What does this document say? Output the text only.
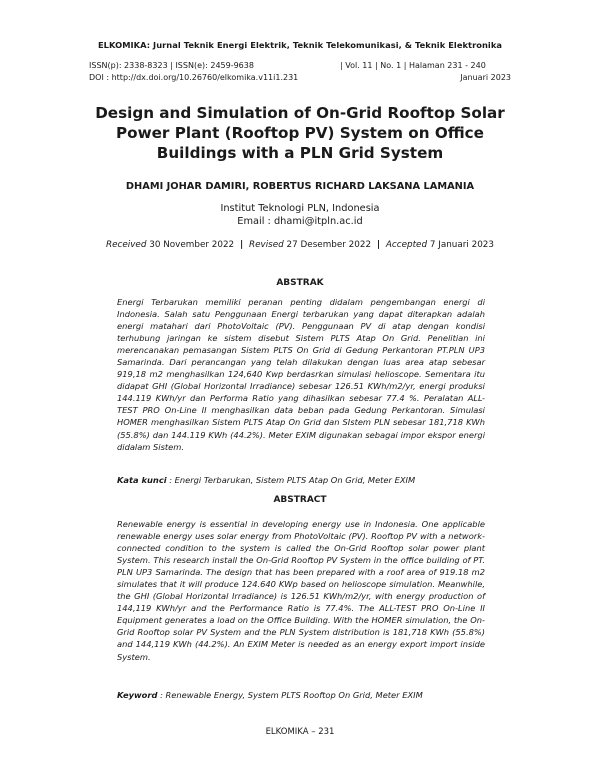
ELKOMIKA: Jurnal Teknik Energi Elektrik, Teknik Telekomunikasi, & Teknik Elektronika
ISSN(p): 2338-8323 | ISSN(e): 2459-9638	| Vol. 11 | No. 1 | Halaman 231 - 240
DOI : http://dx.doi.org/10.26760/elkomika.v11i1.231	Januari 2023
Design and Simulation of On-Grid Rooftop Solar Power Plant (Rooftop PV) System on Office Buildings with a PLN Grid System
DHAMI JOHAR DAMIRI, ROBERTUS RICHARD LAKSANA LAMANIA
Institut Teknologi PLN, Indonesia
Email : dhami@itpln.ac.id
Received 30 November 2022 | Revised 27 Desember 2022 | Accepted 7 Januari 2023
ABSTRAK
Energi Terbarukan memiliki peranan penting didalam pengembangan energi di Indonesia. Salah satu Penggunaan Energi terbarukan yang dapat diterapkan adalah energi matahari dari PhotoVoltaic (PV). Penggunaan PV di atap dengan kondisi terhubung jaringan ke sistem disebut Sistem PLTS Atap On Grid. Penelitian ini merencanakan pemasangan Sistem PLTS On Grid di Gedung Perkantoran PT.PLN UP3 Samarinda. Dari perancangan yang telah dilakukan dengan luas area atap sebesar 919,18 m2 menghasilkan 124,640 Kwp berdasrkan simulasi helioscope. Sementara itu didapat GHI (Global Horizontal Irradiance) sebesar 126.51 KWh/m2/yr, energi produksi 144.119 KWh/yr dan Performa Ratio yang dihasilkan sebesar 77.4 %. Peralatan ALL-TEST PRO On-Line II menghasilkan data beban pada Gedung Perkantoran. Simulasi HOMER menghasilkan Sistem PLTS Atap On Grid dan SIstem PLN sebesar 181,718 KWh (55.8%) dan 144.119 KWh (44.2%). Meter EXIM digunakan sebagai impor ekspor energi didalam Sistem.
Kata kunci : Energi Terbarukan, Sistem PLTS Atap On Grid, Meter EXIM
ABSTRACT
Renewable energy is essential in developing energy use in Indonesia. One applicable renewable energy uses solar energy from PhotoVoltaic (PV). Rooftop PV with a network-connected condition to the system is called the On-Grid Rooftop solar power plant System. This research install the On-Grid Rooftop PV System in the office building of PT. PLN UP3 Samarinda. The design that has been prepared with a roof area of 919.18 m2 simulates that it will produce 124.640 KWp based on helioscope simulation. Meanwhile, the GHI (Global Horizontal Irradiance) is 126.51 KWh/m2/yr, with energy production of 144,119 KWh/yr and the Performance Ratio is 77.4%. The ALL-TEST PRO On-Line II Equipment generates a load on the Office Building. With the HOMER simulation, the On-Grid Rooftop solar PV System and the PLN System distribution is 181,718 KWh (55.8%) and 144,119 KWh (44.2%). An EXIM Meter is needed as an energy export import inside System.
Keyword : Renewable Energy, System PLTS Rooftop On Grid, Meter EXIM
ELKOMIKA – 231
